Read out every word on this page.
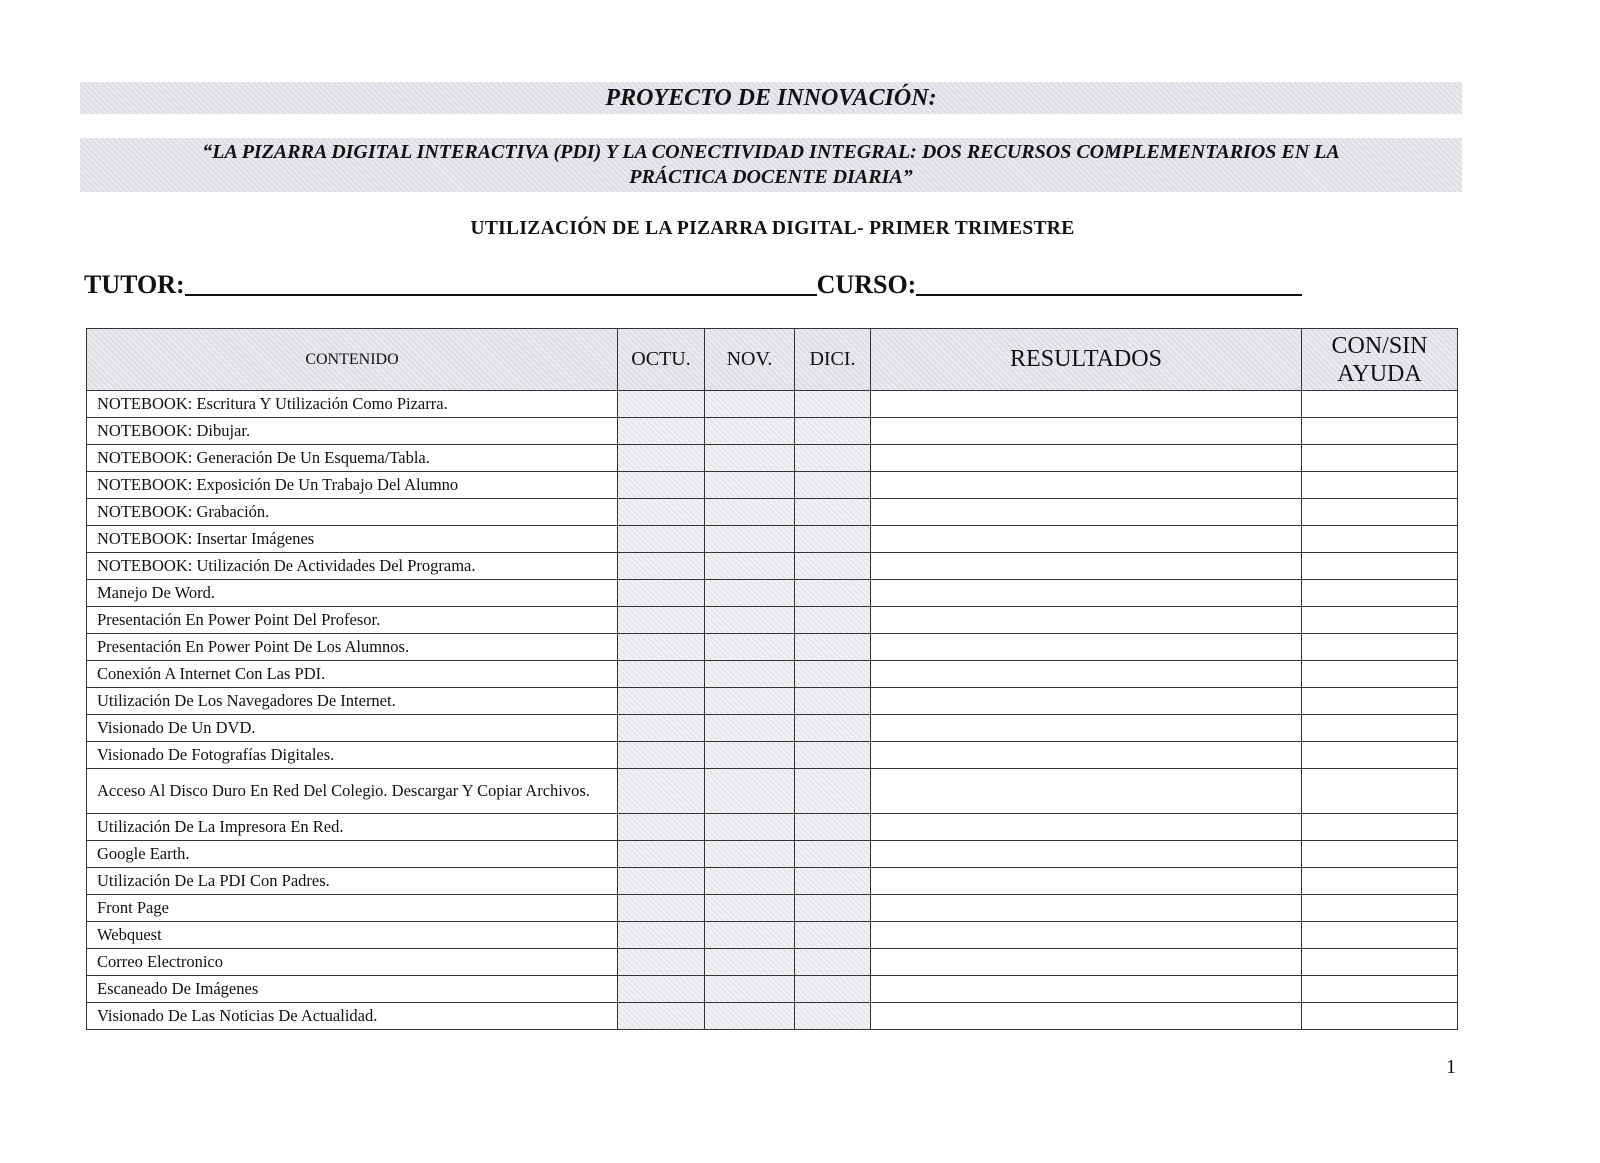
PROYECTO DE INNOVACIÓN:
“LA PIZARRA DIGITAL INTERACTIVA (PDI) Y LA CONECTIVIDAD INTEGRAL: DOS RECURSOS COMPLEMENTARIOS EN LA
PRÁCTICA DOCENTE DIARIA”
UTILIZACIÓN DE LA PIZARRA DIGITAL- PRIMER TRIMESTRE
TUTOR:	CURSO:
CONTENIDO	OCTU.	NOV.	DICI.	RESULTADOS	CON/SIN
AYUDA

NOTEBOOK: Escritura Y Utilización Como Pizarra.					
NOTEBOOK: Dibujar.					
NOTEBOOK: Generación De Un Esquema/Tabla.					
NOTEBOOK: Exposición De Un Trabajo Del Alumno					
NOTEBOOK: Grabación.					
NOTEBOOK: Insertar Imágenes					
NOTEBOOK: Utilización De Actividades Del Programa.					
Manejo De Word.					
Presentación En Power Point Del Profesor.					
Presentación En Power Point De Los Alumnos.					
Conexión A Internet Con Las PDI.					
Utilización De Los Navegadores De Internet.					
Visionado De Un DVD.					
Visionado De Fotografías Digitales.					
Acceso Al Disco Duro En Red Del Colegio. Descargar Y Copiar Archivos.					
Utilización De La Impresora En Red.					
Google Earth.					
Utilización De La PDI Con Padres.					
Front Page					
Webquest					
Correo Electronico					
Escaneado De Imágenes					
Visionado De Las Noticias De Actualidad.					
1
